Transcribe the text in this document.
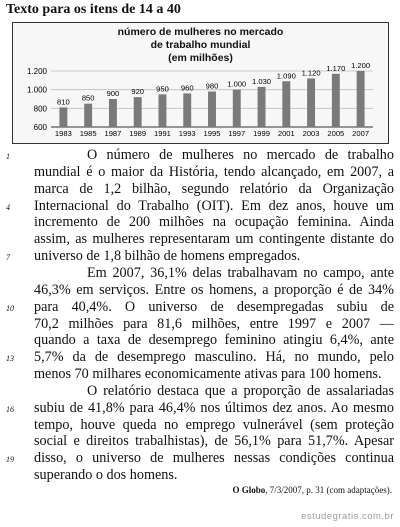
Texto para os itens de 14 a 40
número de mulheres no mercado
de trabalho mundial
(em milhões)
1.200
1.000
800
600
810
1983
850
1985
900
1987
920
1989
950
1991
960
1993
980
1995
1.000
1997
1.030
1999
1.090
2001
1.120
2003
1.170
2005
1.200
2007
1	O número de mulheres no mercado de trabalho
mundial é o maior da História, tendo alcançado, em 2007, a
marca de 1,2 bilhão, segundo relatório da Organização
4 Internacional do Trabalho (OIT). Em dez anos, houve um
incremento de 200 milhões na ocupação feminina. Ainda
assim, as mulheres representaram um contingente distante do
7 universo de 1,8 bilhão de homens empregados.
Em 2007, 36,1% delas trabalhavam no campo, ante
46,3% em serviços. Entre os homens, a proporção é de 34%
10 para 40,4%. O universo de desempregadas subiu de
70,2 milhões para 81,6 milhões, entre 1997 e 2007 —
quando a taxa de desemprego feminino atingiu 6,4%, ante
13 5,7% da de desemprego masculino. Há, no mundo, pelo
menos 70 milhares economicamente ativas para 100 homens.
O relatório destaca que a proporção de assalariadas
16 subiu de 41,8% para 46,4% nos últimos dez anos. Ao mesmo
tempo, houve queda no emprego vulnerável (sem proteção
social e direitos trabalhistas), de 56,1% para 51,7%. Apesar
19 disso, o universo de mulheres nessas condições continua
superando o dos homens.
O Globo, 7/3/2007, p. 31 (com adaptações).
estudegratis.com.br
